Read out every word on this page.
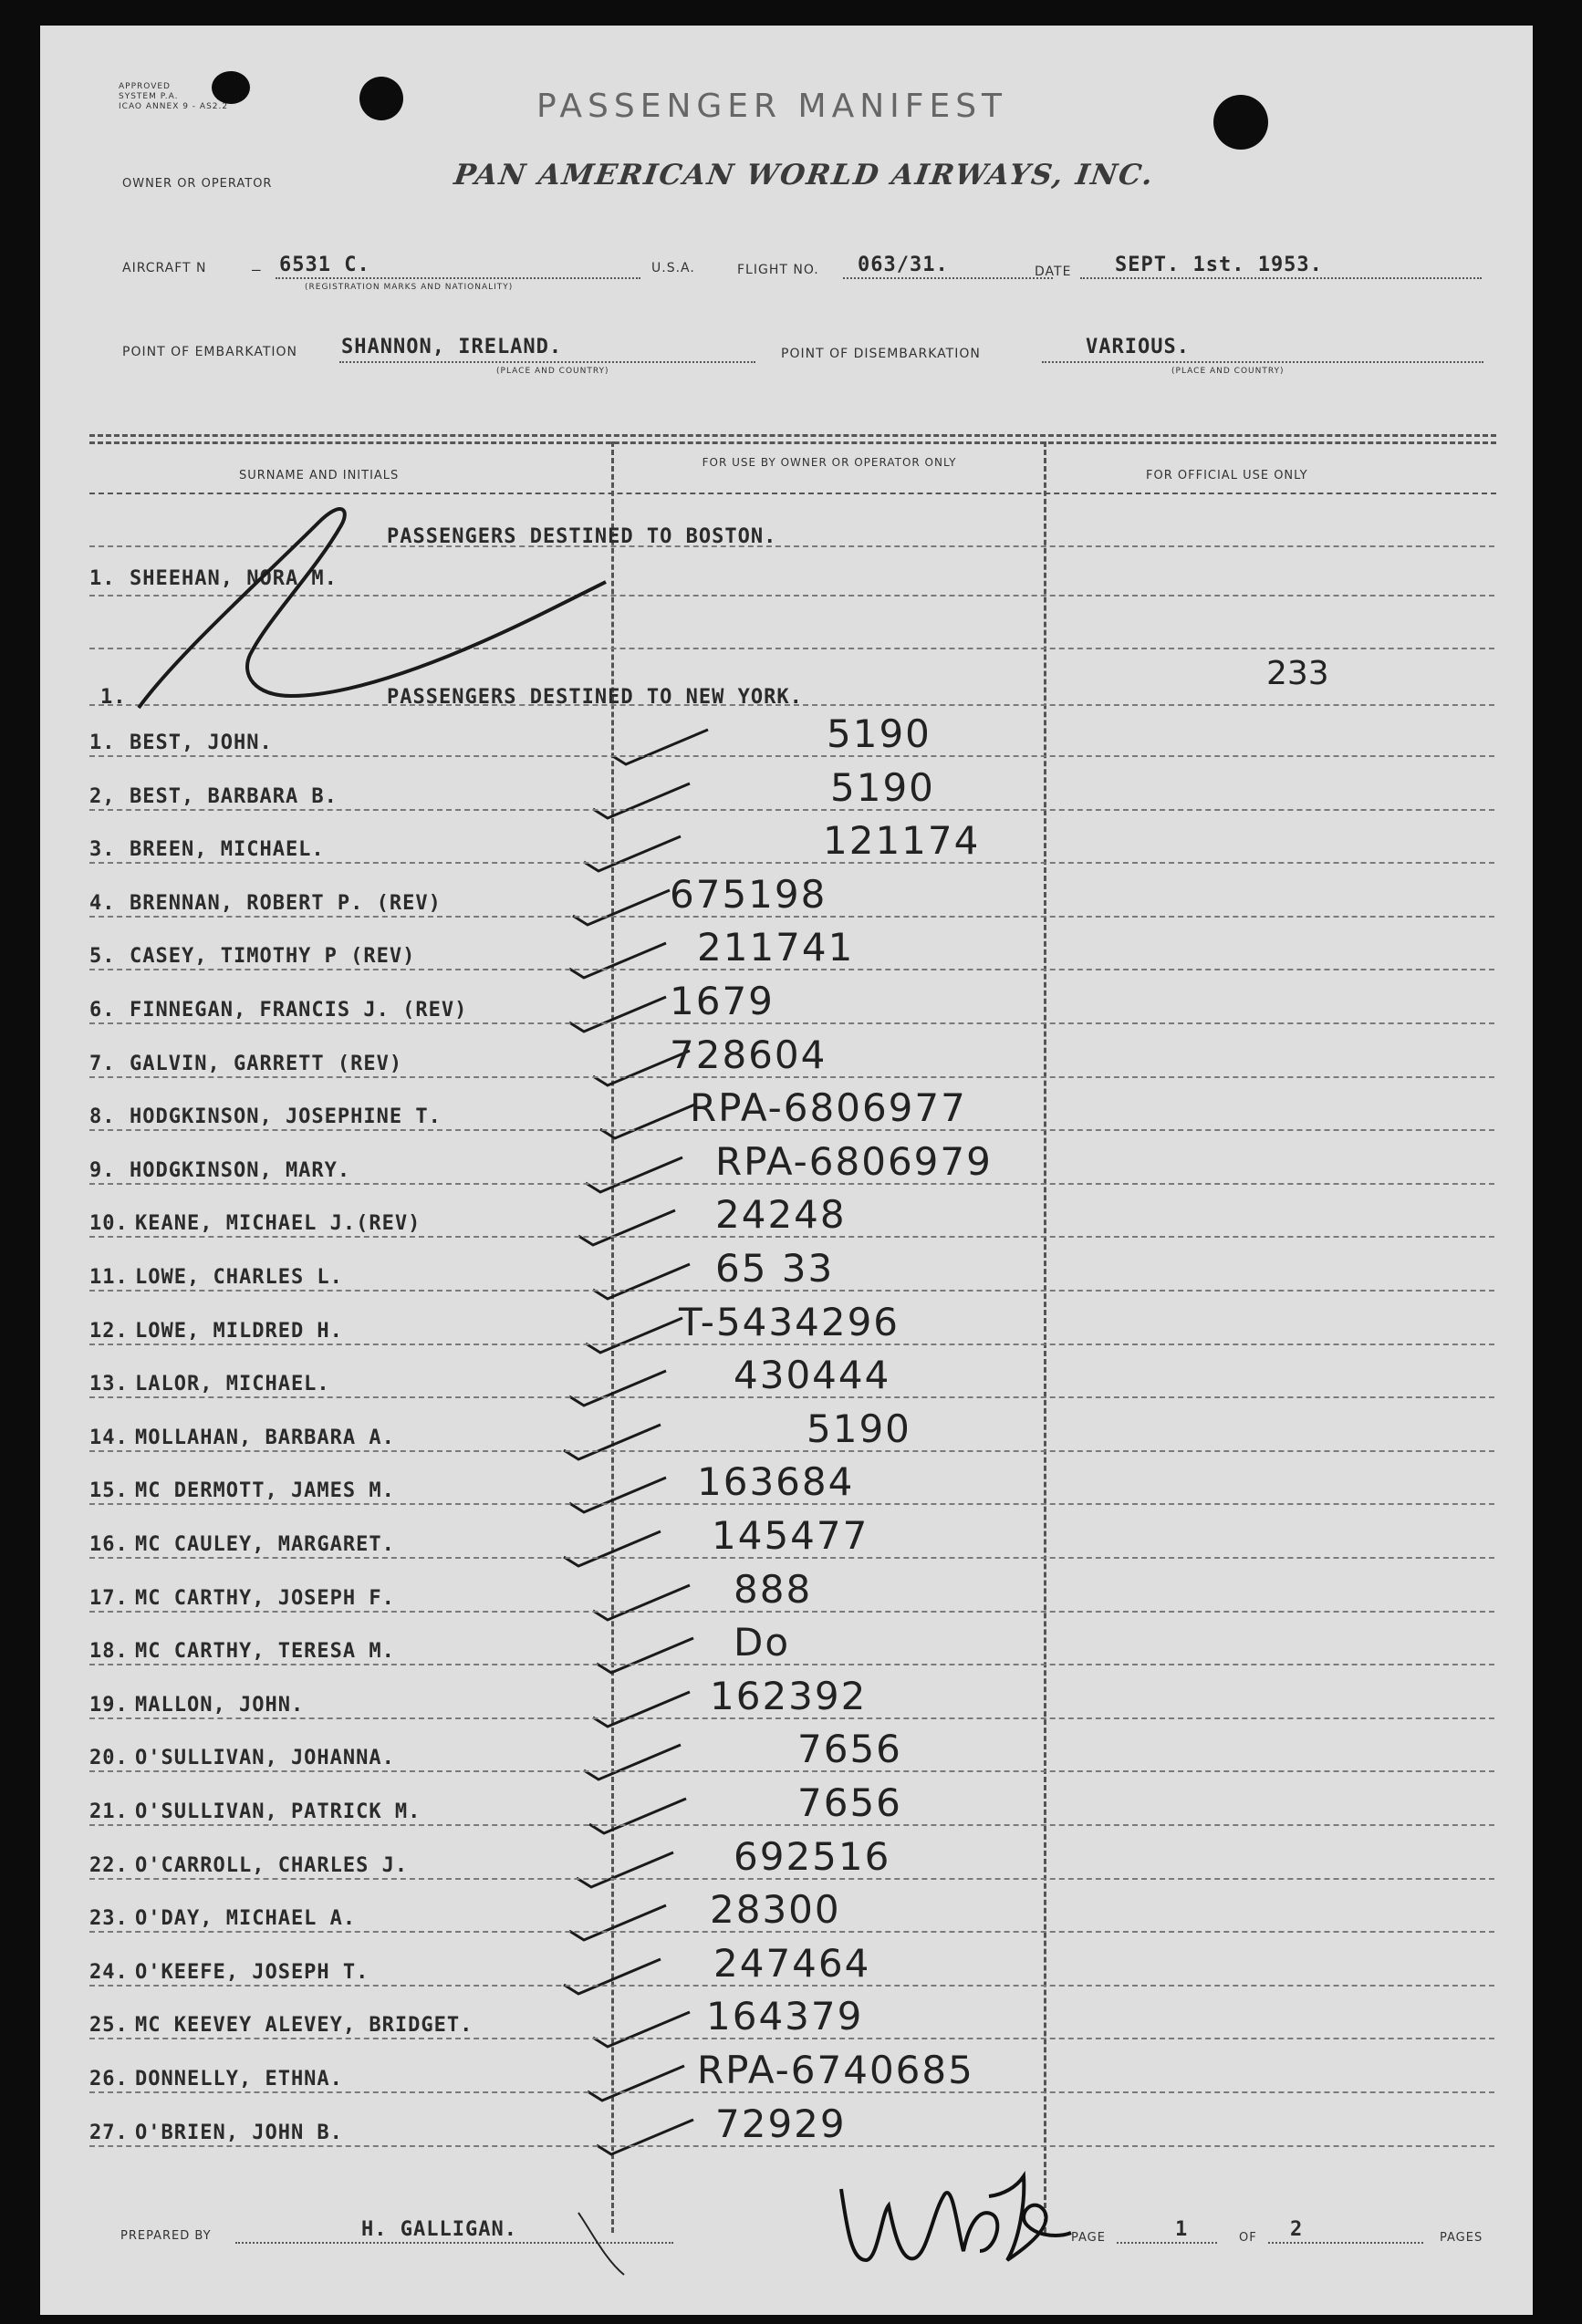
APPROVED
SYSTEM P.A.
ICAO ANNEX 9 - AS2.2	PASSENGER MANIFEST
OWNER OR OPERATOR	PAN AMERICAN WORLD AIRWAYS, INC.
AIRCRAFT N	— 6531 C.
(REGISTRATION MARKS AND NATIONALITY)
U.S.A.	FLIGHT NO. 063/31.	DATE SEPT. 1st. 1953.
POINT OF EMBARKATION SHANNON, IRELAND.
(PLACE AND COUNTRY)
POINT OF DISEMBARKATION	VARIOUS.
(PLACE AND COUNTRY)
SURNAME AND INITIALS
FOR USE BY OWNER OR OPERATOR ONLY
FOR OFFICIAL USE ONLY
PASSENGERS DESTINED TO BOSTON.
1. SHEEHAN, NORA M.
233
1.	PASSENGERS DESTINED TO NEW YORK.
1. BEST, JOHN.	5190
2, BEST, BARBARA B.	5190
3. BREEN, MICHAEL.	121174
4. BRENNAN, ROBERT P. (REV)	675198
5. CASEY, TIMOTHY P (REV)	211741
6. FINNEGAN, FRANCIS J. (REV)	1679
7. GALVIN, GARRETT (REV)	728604
8. HODGKINSON, JOSEPHINE T.	RPA-6806977
9. HODGKINSON, MARY.	RPA-6806979
10. KEANE, MICHAEL J.(REV)	24248
11. LOWE, CHARLES L.	65 33
12. LOWE, MILDRED H.	T-5434296
13. LALOR, MICHAEL.	430444
14. MOLLAHAN, BARBARA A.	5190
15. MC DERMOTT, JAMES M.	163684
16. MC CAULEY, MARGARET.	145477
17. MC CARTHY, JOSEPH F.	888
18. MC CARTHY, TERESA M.	Do
19. MALLON, JOHN.	162392
20. O'SULLIVAN, JOHANNA.	7656
21. O'SULLIVAN, PATRICK M.	7656
22. O'CARROLL, CHARLES J.	692516
23. O'DAY, MICHAEL A.	28300
24. O'KEEFE, JOSEPH T.	247464
25. MC KEEVEY ALEVEY, BRIDGET.	164379
26. DONNELLY, ETHNA.	RPA-6740685
27. O'BRIEN, JOHN B.	72929
PREPARED BY	H. GALLIGAN.	PAGE	1	OF 2	PAGES
